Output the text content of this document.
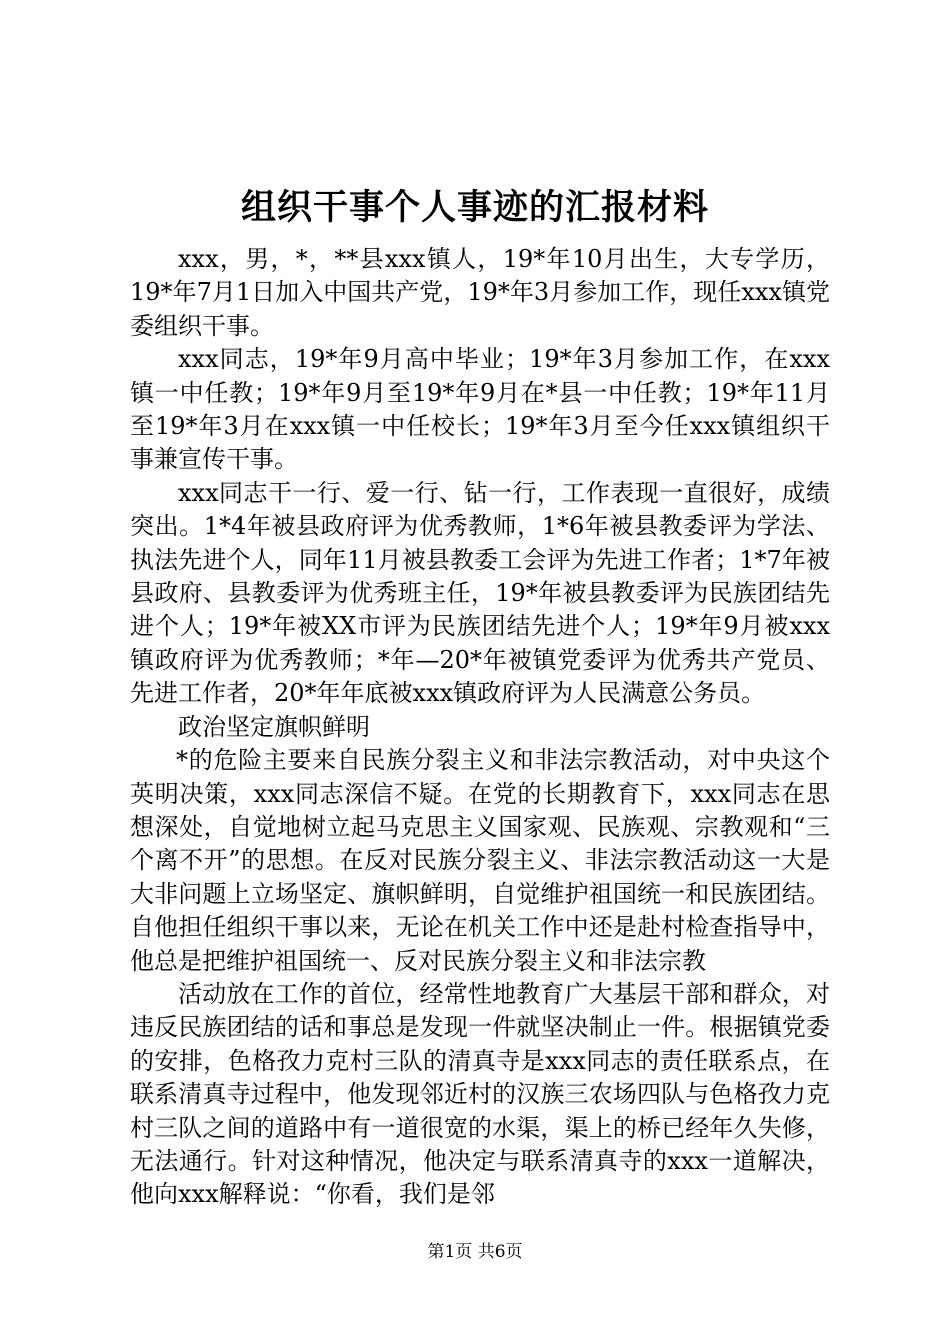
组织干事个人事迹的汇报材料

xxx，男，*，**县xxx镇人，19*年10月出生，大专学历，19*年7月1日加入中国共产党，19*年3月参加工作，现任xxx镇党委组织干事。

xxx同志，19*年9月高中毕业；19*年3月参加工作，在xxx镇一中任教；19*年9月至19*年9月在*县一中任教；19*年11月至19*年3月在xxx镇一中任校长；19*年3月至今任xxx镇组织干事兼宣传干事。

xxx同志干一行、爱一行、钻一行，工作表现一直很好，成绩突出。1*4年被县政府评为优秀教师，1*6年被县教委评为学法、执法先进个人，同年11月被县教委工会评为先进工作者；1*7年被县政府、县教委评为优秀班主任，19*年被县教委评为民族团结先进个人；19*年被XX市评为民族团结先进个人；19*年9月被xxx镇政府评为优秀教师；*年—20*年被镇党委评为优秀共产党员、先进工作者，20*年年底被xxx镇政府评为人民满意公务员。

政治坚定旗帜鲜明

*的危险主要来自民族分裂主义和非法宗教活动，对中央这个英明决策，xxx同志深信不疑。在党的长期教育下，xxx同志在思想深处，自觉地树立起马克思主义国家观、民族观、宗教观和“三个离不开”的思想。在反对民族分裂主义、非法宗教活动这一大是大非问题上立场坚定、旗帜鲜明，自觉维护祖国统一和民族团结。自他担任组织干事以来，无论在机关工作中还是赴村检查指导中，他总是把维护祖国统一、反对民族分裂主义和非法宗教

活动放在工作的首位，经常性地教育广大基层干部和群众，对违反民族团结的话和事总是发现一件就坚决制止一件。根据镇党委的安排，色格孜力克村三队的清真寺是xxx同志的责任联系点，在联系清真寺过程中，他发现邻近村的汉族三农场四队与色格孜力克村三队之间的道路中有一道很宽的水渠，渠上的桥已经年久失修，无法通行。针对这种情况，他决定与联系清真寺的xxx一道解决，他向xxx解释说：“你看，我们是邻

第1页 共6页
